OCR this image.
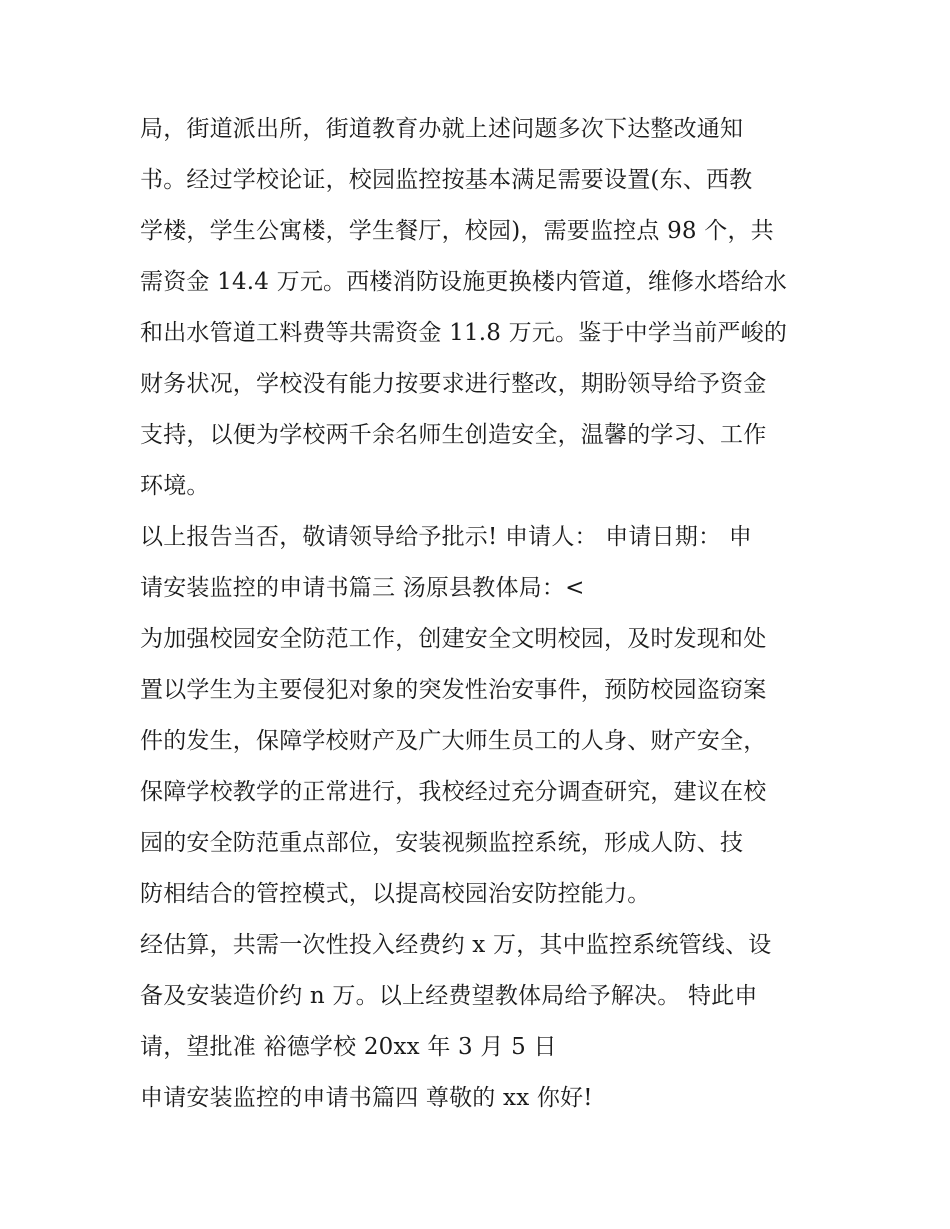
局，街道派出所，街道教育办就上述问题多次下达整改通知
书。经过学校论证，校园监控按基本满足需要设置(东、西教
学楼，学生公寓楼，学生餐厅，校园)，需要监控点 98 个，共
需资金 14.4 万元。西楼消防设施更换楼内管道，维修水塔给水
和出水管道工料费等共需资金 11.8 万元。鉴于中学当前严峻的
财务状况，学校没有能力按要求进行整改，期盼领导给予资金
支持，以便为学校两千余名师生创造安全，温馨的学习、工作
环境。
以上报告当否，敬请领导给予批示! 申请人： 申请日期： 申
请安装监控的申请书篇三 汤原县教体局：<
为加强校园安全防范工作，创建安全文明校园，及时发现和处
置以学生为主要侵犯对象的突发性治安事件，预防校园盗窃案
件的发生，保障学校财产及广大师生员工的人身、财产安全，
保障学校教学的正常进行，我校经过充分调查研究，建议在校
园的安全防范重点部位，安装视频监控系统，形成人防、技
防相结合的管控模式，以提高校园治安防控能力。
经估算，共需一次性投入经费约 x 万，其中监控系统管线、设
备及安装造价约 n 万。以上经费望教体局给予解决。 特此申
请，望批准 裕德学校 20xx 年 3 月 5 日
申请安装监控的申请书篇四 尊敬的 xx 你好!
